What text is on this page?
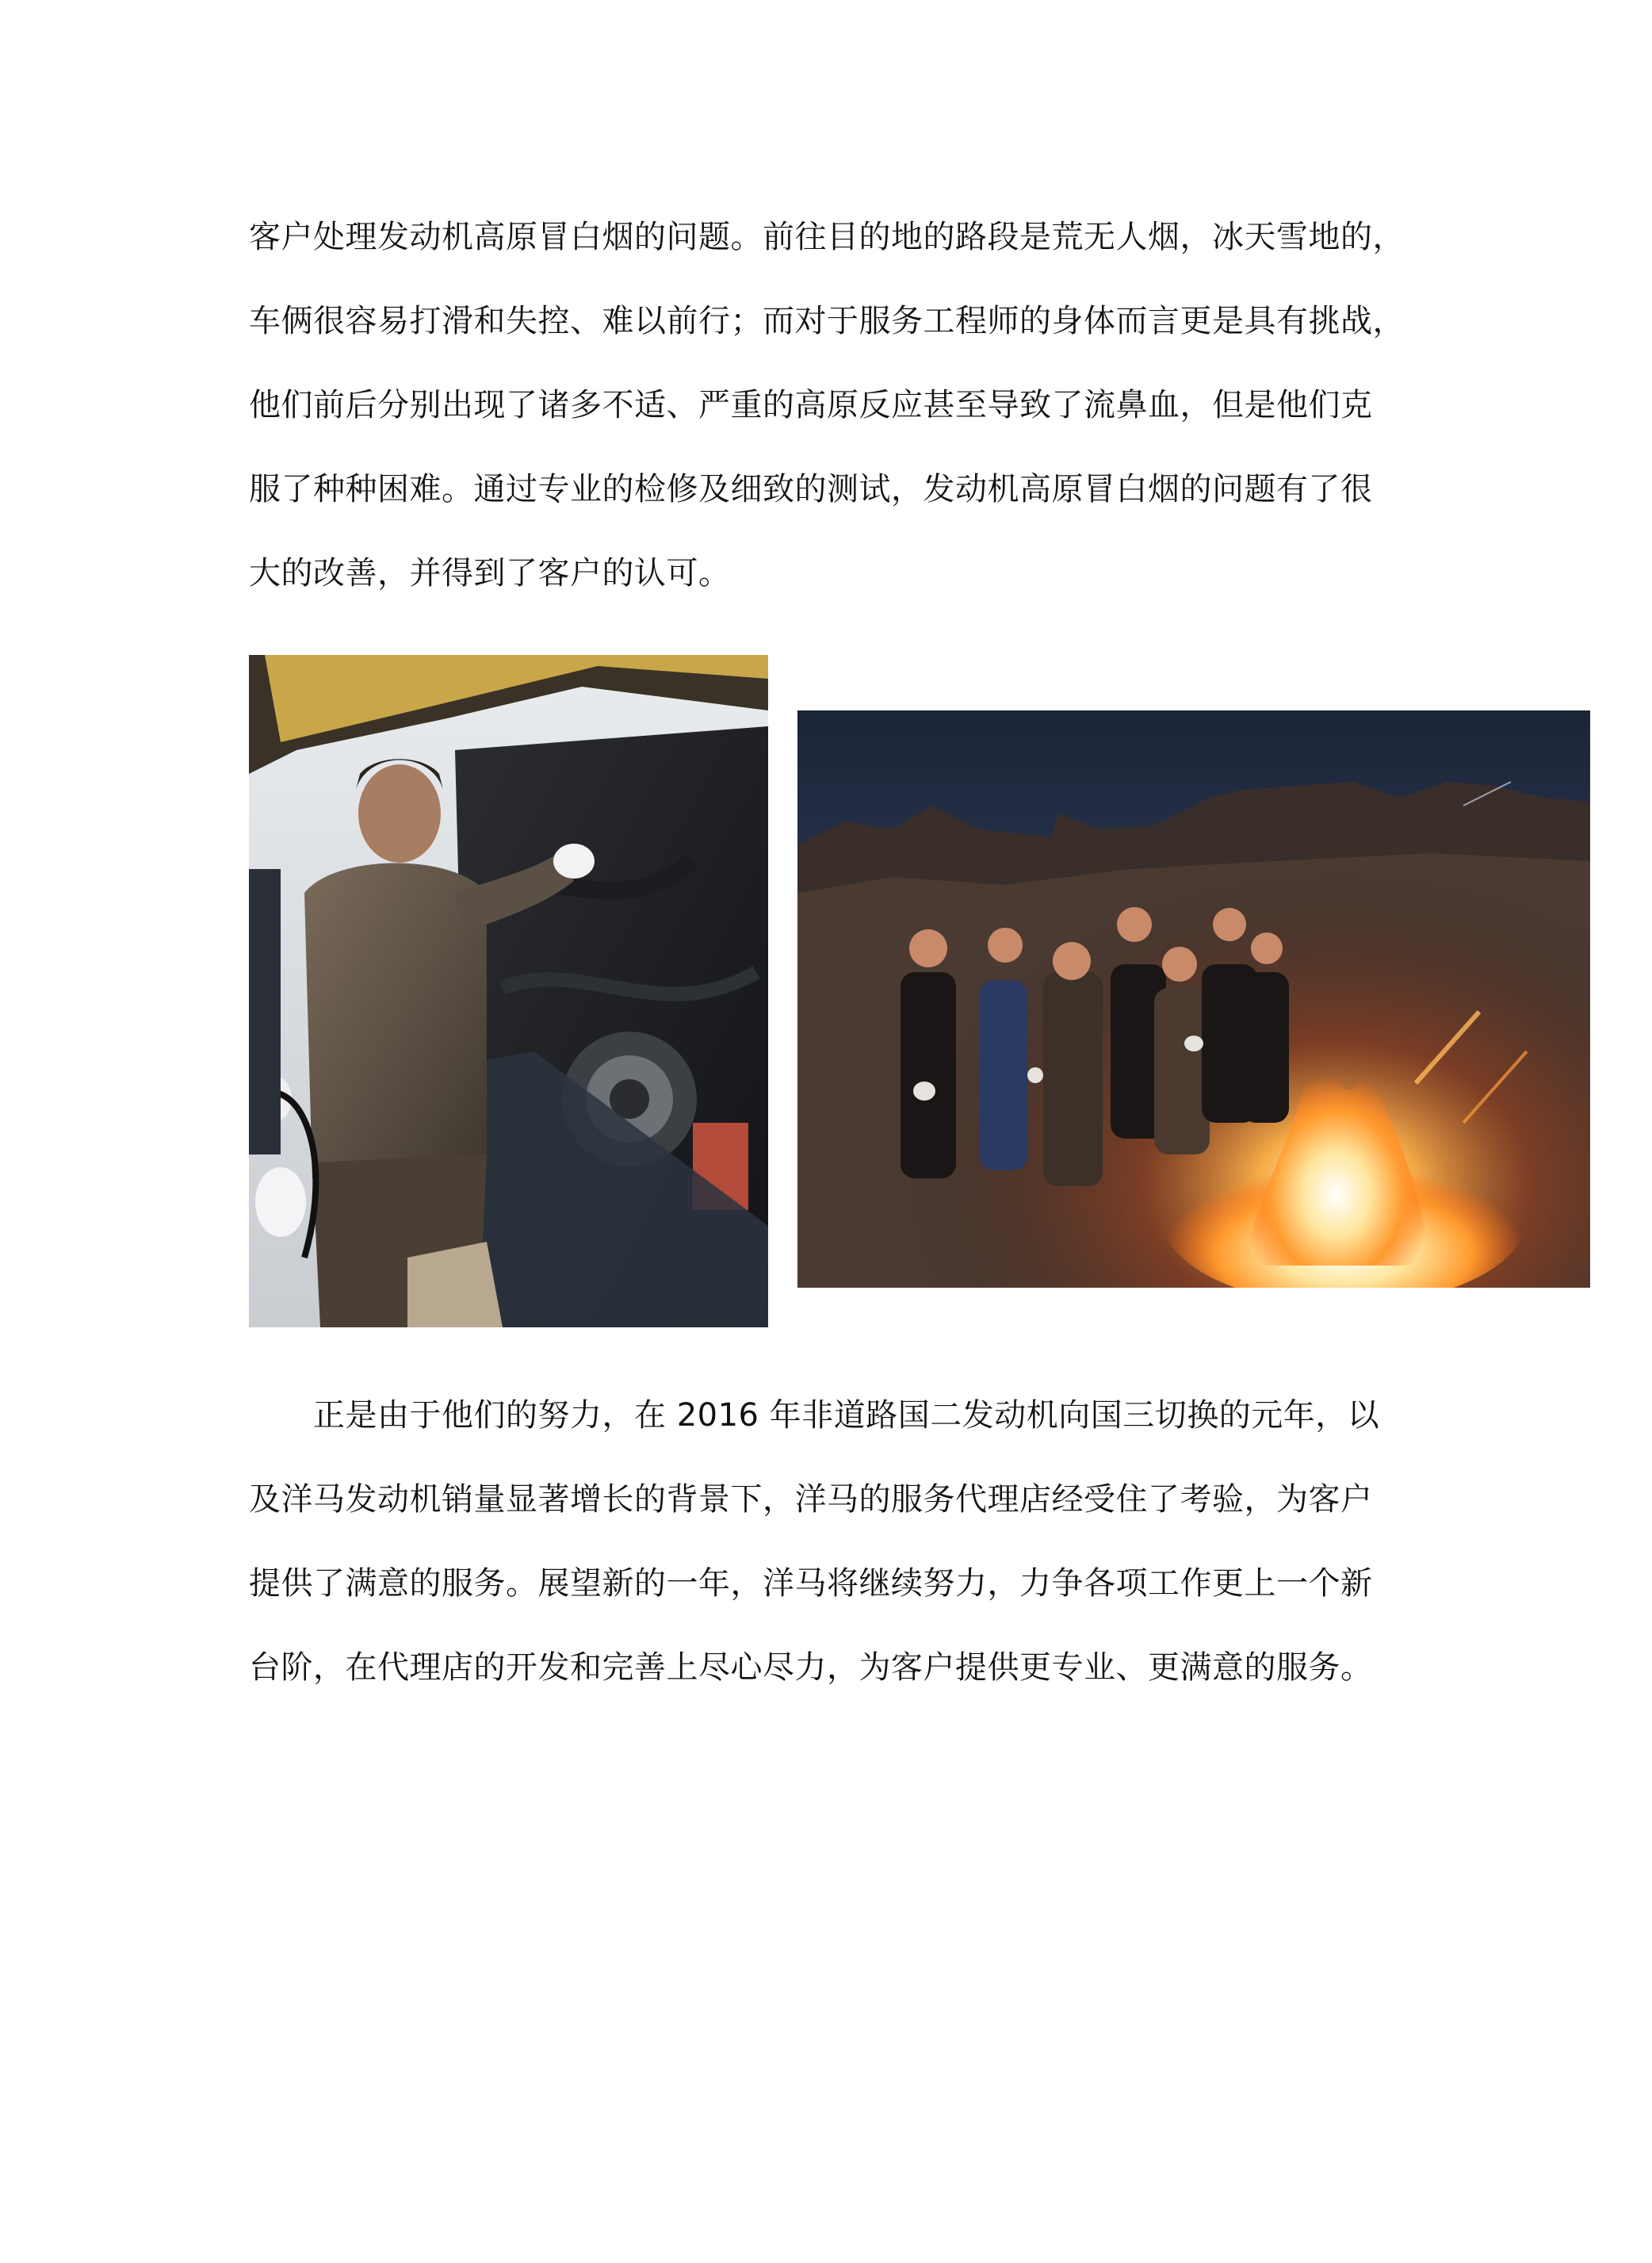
客户处理发动机高原冒白烟的问题。前往目的地的路段是荒无人烟，冰天雪地的，
车俩很容易打滑和失控、难以前行；而对于服务工程师的身体而言更是具有挑战，
他们前后分别出现了诸多不适、严重的高原反应甚至导致了流鼻血，但是他们克
服了种种困难。通过专业的检修及细致的测试，发动机高原冒白烟的问题有了很
大的改善，并得到了客户的认可。
　　正是由于他们的努力，在 2016 年非道路国二发动机向国三切换的元年，以
及洋马发动机销量显著增长的背景下，洋马的服务代理店经受住了考验，为客户
提供了满意的服务。展望新的一年，洋马将继续努力，力争各项工作更上一个新
台阶，在代理店的开发和完善上尽心尽力，为客户提供更专业、更满意的服务。
